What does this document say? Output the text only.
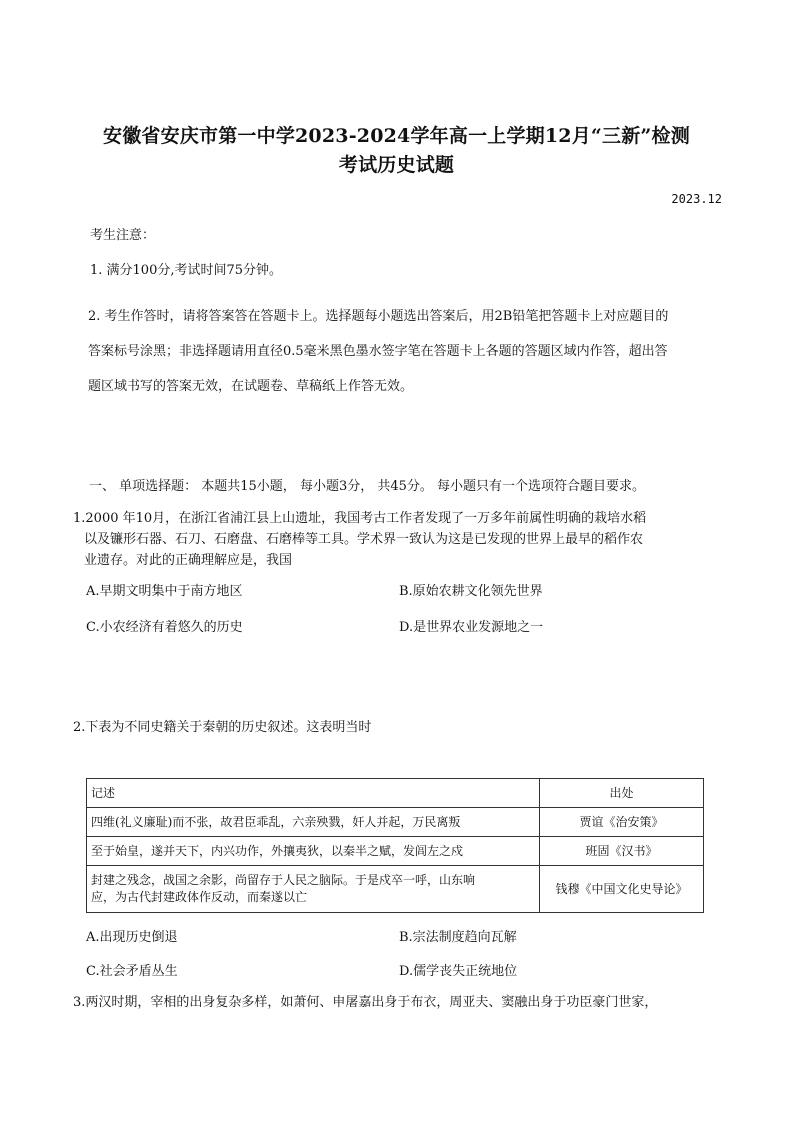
安徽省安庆市第一中学2023-2024学年高一上学期12月“三新”检测
考试历史试题
2023.12
考生注意：
1. 满分100分,考试时间75分钟。
2. 考生作答时，请将答案答在答题卡上。选择题每小题选出答案后，用2B铅笔把答题卡上对应题目的
答案标号涂黑；非选择题请用直径0.5毫米黑色墨水签字笔在答题卡上各题的答题区域内作答，超出答
题区域书写的答案无效，在试题卷、草稿纸上作答无效。
一、 单项选择题： 本题共15小题， 每小题3分， 共45分。 每小题只有一个选项符合题目要求。
1.2000 年10月，在浙江省浦江县上山遗址，我国考古工作者发现了一万多年前属性明确的栽培水稻
以及镰形石器、石刀、石磨盘、石磨棒等工具。学术界一致认为这是已发现的世界上最早的稻作农
业遗存。对此的正确理解应是，我国
A.早期文明集中于南方地区	B.原始农耕文化领先世界
C.小农经济有着悠久的历史	D.是世界农业发源地之一
2.下表为不同史籍关于秦朝的历史叙述。这表明当时
记述	出处
四维(礼义廉耻)而不张，故君臣乖乱，六亲殃戮，奸人并起，万民离叛	贾谊《治安策》
至于始皇，遂并天下，内兴功作，外攘夷狄，以秦半之赋，发闾左之戍	班固《汉书》
封建之残念，战国之余影，尚留存于人民之脑际。于是戍卒一呼，山东响
应，为古代封建政体作反动，而秦遂以亡	钱穆《中国文化史导论》
A.出现历史倒退	B.宗法制度趋向瓦解
C.社会矛盾丛生	D.儒学丧失正统地位
3.两汉时期，宰相的出身复杂多样，如萧何、申屠嘉出身于布衣，周亚夫、窦融出身于功臣豪门世家，
